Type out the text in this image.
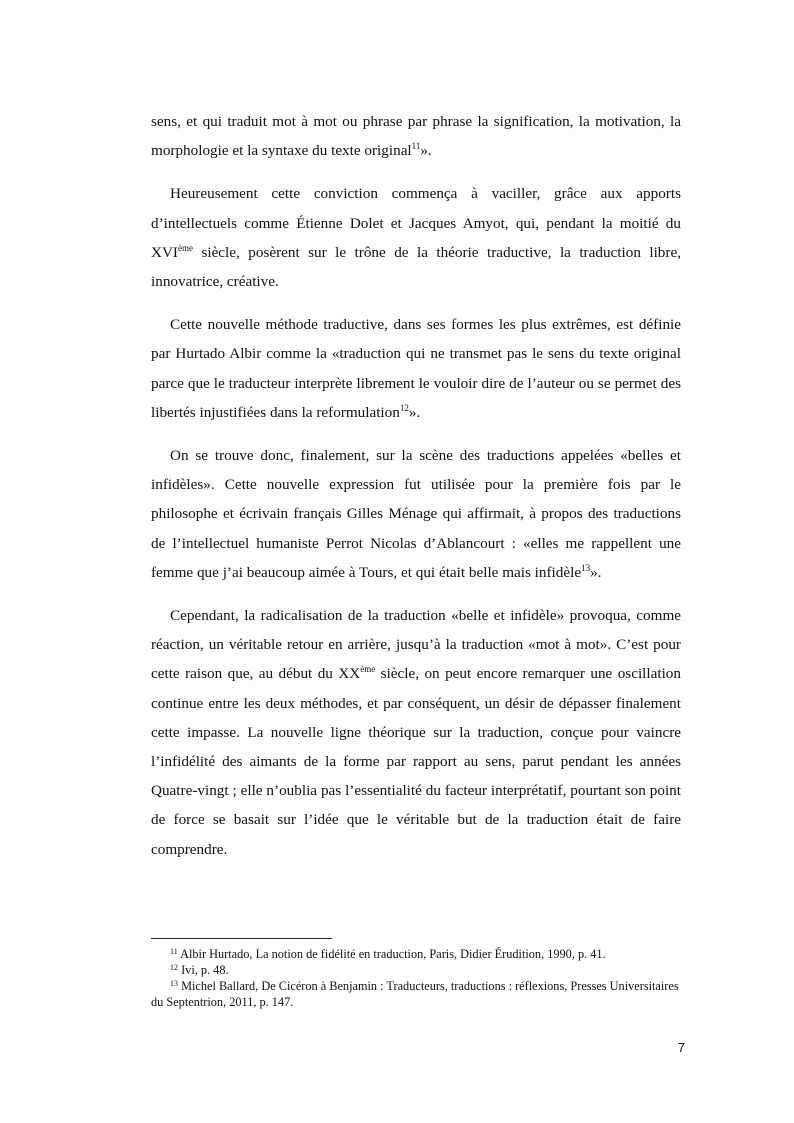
sens, et qui traduit mot à mot ou phrase par phrase la signification, la motivation, la morphologie et la syntaxe du texte original$^{11}$».

Heureusement cette conviction commença à vaciller, grâce aux apports d’intellectuels comme Étienne Dolet et Jacques Amyot, qui, pendant la moitié du XVIème siècle, posèrent sur le trône de la théorie traductive, la traduction libre, innovatrice, créative.

Cette nouvelle méthode traductive, dans ses formes les plus extrêmes, est définie par Hurtado Albir comme la «traduction qui ne transmet pas le sens du texte original parce que le traducteur interprète librement le vouloir dire de l’auteur ou se permet des libertés injustifiées dans la reformulation$^{12}$».

On se trouve donc, finalement, sur la scène des traductions appelées «belles et infidèles». Cette nouvelle expression fut utilisée pour la première fois par le philosophe et écrivain français Gilles Ménage qui affirmait, à propos des traductions de l’intellectuel humaniste Perrot Nicolas d’Ablancourt : «elles me rappellent une femme que j’ai beaucoup aimée à Tours, et qui était belle mais infidèle$^{13}$».

Cependant, la radicalisation de la traduction «belle et infidèle» provoqua, comme réaction, un véritable retour en arrière, jusqu’à la traduction «mot à mot». C’est pour cette raison que, au début du XXème siècle, on peut encore remarquer une oscillation continue entre les deux méthodes, et par conséquent, un désir de dépasser finalement cette impasse. La nouvelle ligne théorique sur la traduction, conçue pour vaincre l’infidélité des aimants de la forme par rapport au sens, parut pendant les années Quatre-vingt ; elle n’oublia pas l’essentialité du facteur interprétatif, pourtant son point de force se basait sur l’idée que le véritable but de la traduction était de faire comprendre.

$^{11}$ Albir Hurtado, La notion de fidélité en traduction, Paris, Didier Érudition, 1990, p. 41.

$^{12}$ Ivi, p. 48.

$^{13}$ Michel Ballard, De Cicéron à Benjamin : Traducteurs, traductions : réflexions, Presses Universitaires du Septentrion, 2011, p. 147.

7
